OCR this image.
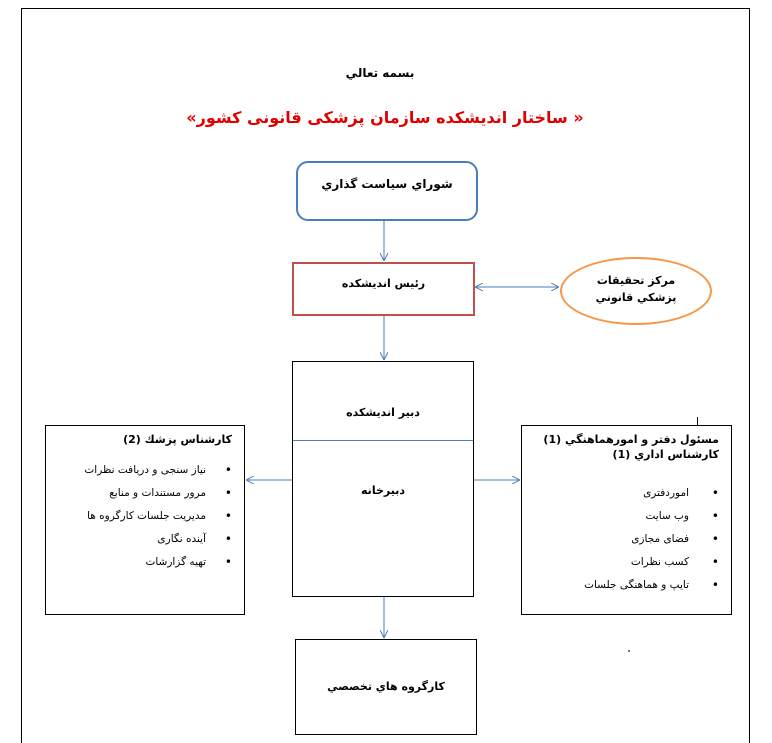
بسمه تعالي
« ساختار اندیشکده سازمان پزشکی قانونی کشور»
شوراي سياست گذاري
رئيس انديشكده	مركز تحقيقات
پزشكي قانوني
دبير انديشكده
دبيرخانه
كارشناس پزشك (2)
• نیاز سنجی و دریافت نظرات
• مرور مستندات و منابع
• مدیریت جلسات کارگروه ها
• آینده نگاری
• تهیه گزارشات
مسئول دفتر و امورهماهنگي (1)
كارشناس اداري (1)
• اموردفتری
• وب سایت
• فضای مجازی
• کسب نظرات
• تایپ و هماهنگی جلسات
كارگروه هاي تخصصي
